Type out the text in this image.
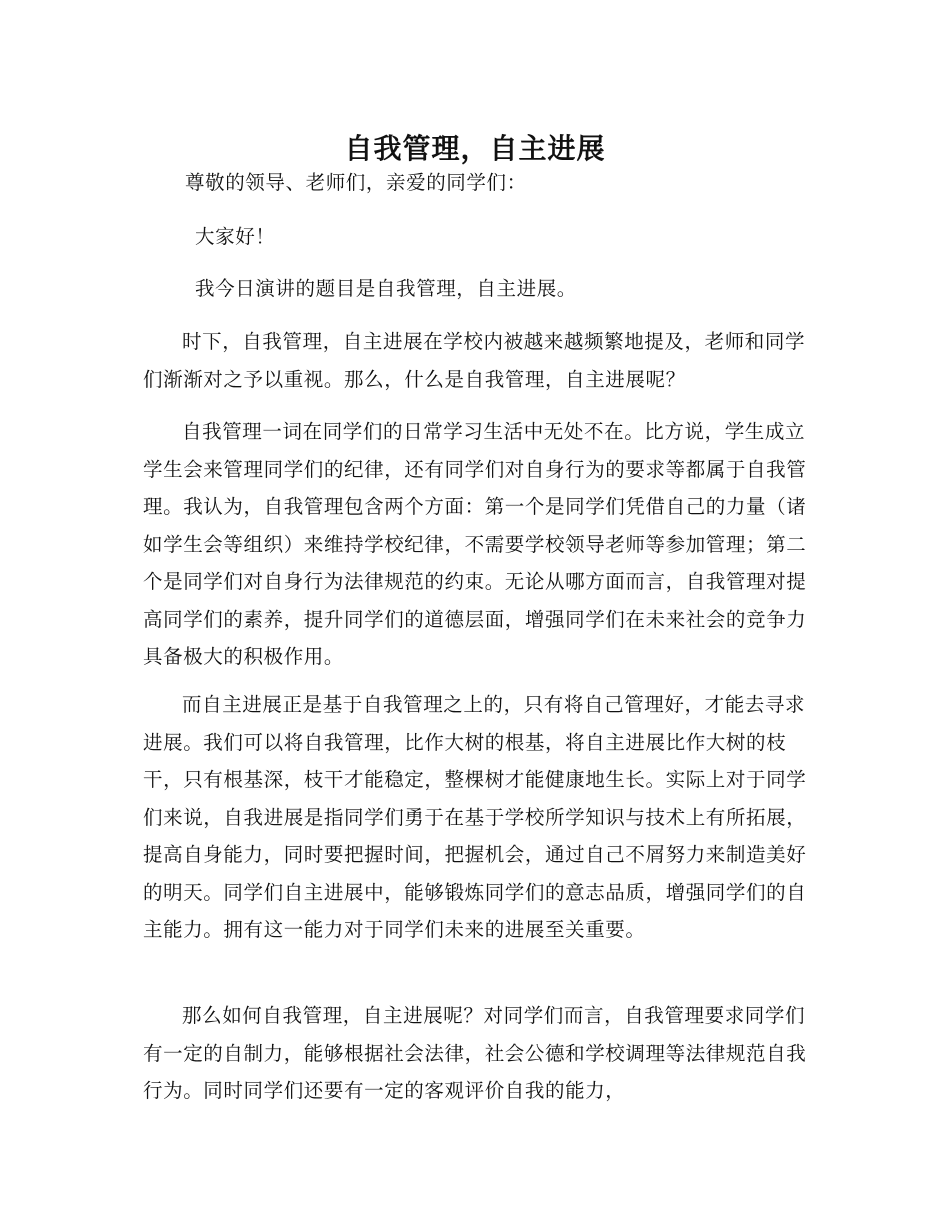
自我管理，自主进展

尊敬的领导、老师们，亲爱的同学们：

大家好！

我今日演讲的题目是自我管理，自主进展。

时下，自我管理，自主进展在学校内被越来越频繁地提及，老师和同学们渐渐对之予以重视。那么，什么是自我管理，自主进展呢？

自我管理一词在同学们的日常学习生活中无处不在。比方说，学生成立学生会来管理同学们的纪律，还有同学们对自身行为的要求等都属于自我管理。我认为，自我管理包含两个方面：第一个是同学们凭借自己的力量（诸如学生会等组织）来维持学校纪律，不需要学校领导老师等参加管理；第二个是同学们对自身行为法律规范的约束。无论从哪方面而言，自我管理对提高同学们的素养，提升同学们的道德层面，增强同学们在未来社会的竞争力具备极大的积极作用。

而自主进展正是基于自我管理之上的，只有将自己管理好，才能去寻求进展。我们可以将自我管理，比作大树的根基，将自主进展比作大树的枝干，只有根基深，枝干才能稳定，整棵树才能健康地生长。实际上对于同学们来说，自我进展是指同学们勇于在基于学校所学知识与技术上有所拓展，提高自身能力，同时要把握时间，把握机会，通过自己不屑努力来制造美好的明天。同学们自主进展中，能够锻炼同学们的意志品质，增强同学们的自主能力。拥有这一能力对于同学们未来的进展至关重要。

那么如何自我管理，自主进展呢？对同学们而言，自我管理要求同学们有一定的自制力，能够根据社会法律，社会公德和学校调理等法律规范自我行为。同时同学们还要有一定的客观评价自我的能力，
